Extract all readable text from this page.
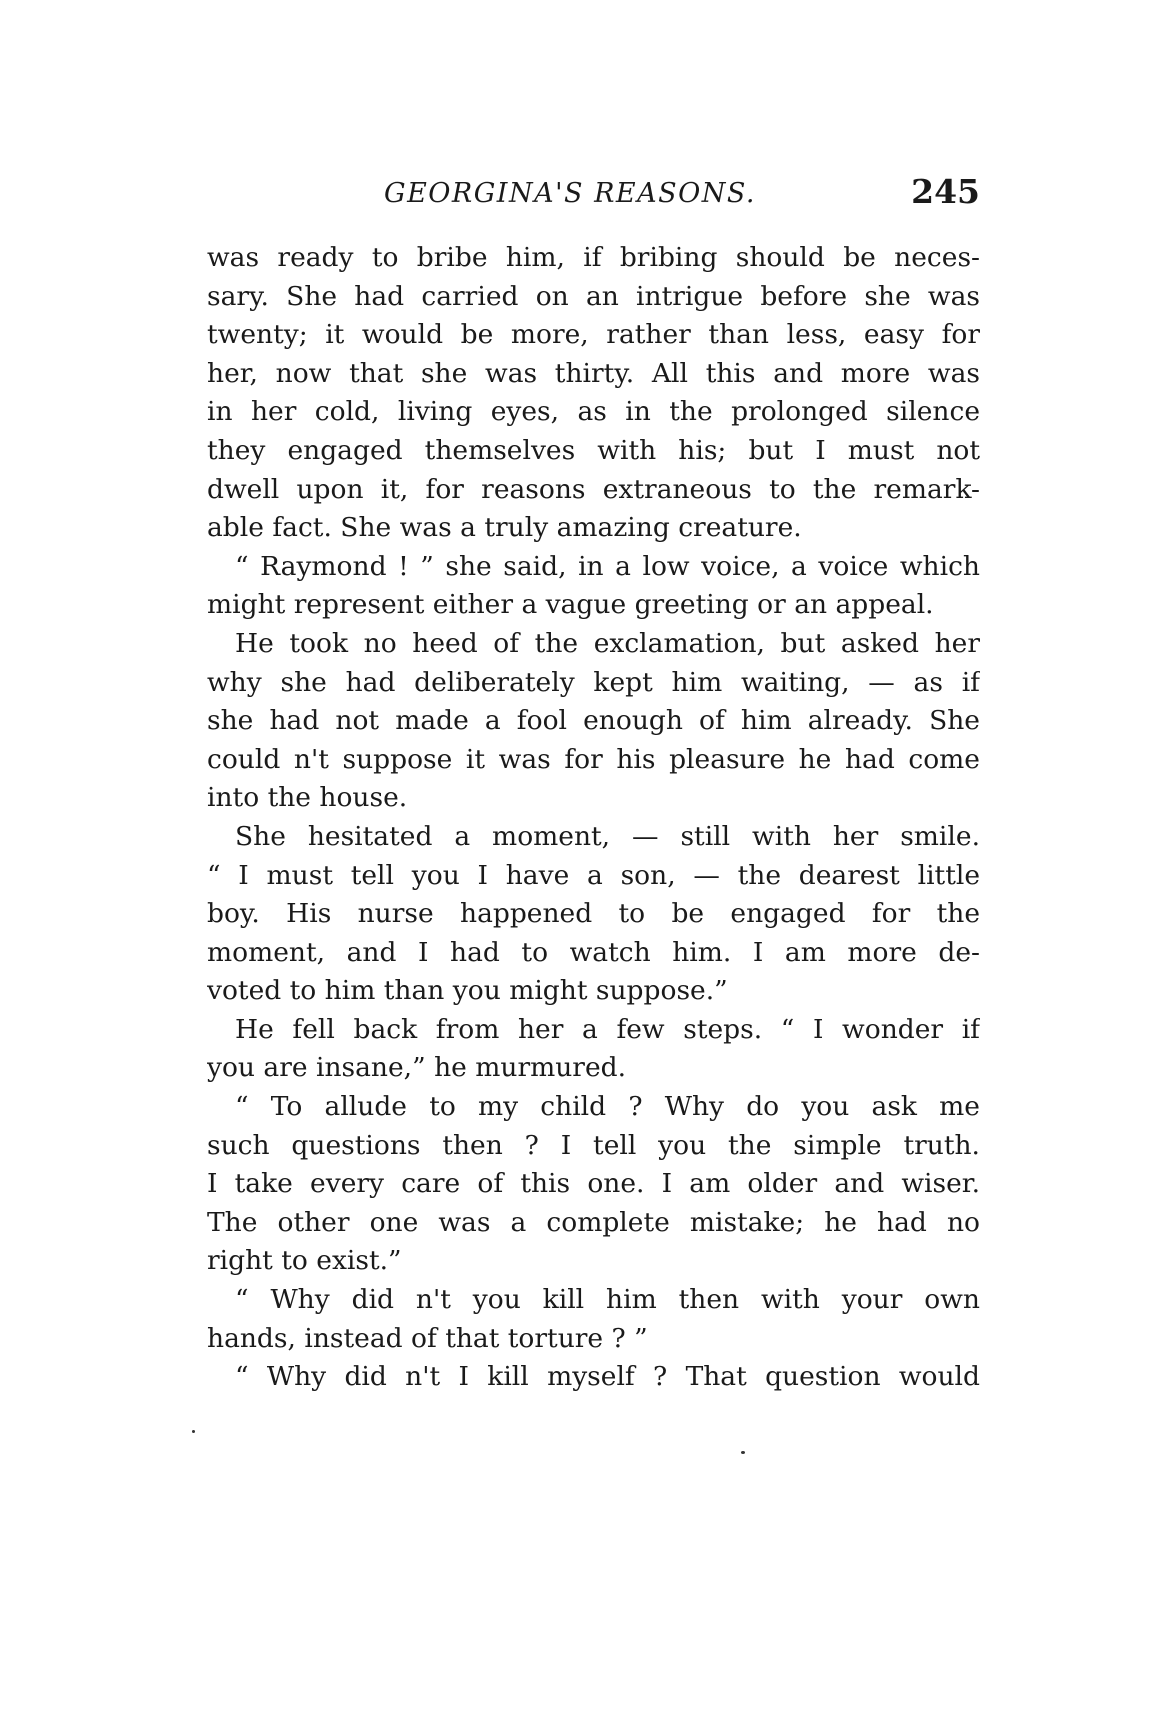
GEORGINA'S REASONS.	245
was ready to bribe him, if bribing should be neces-
sary. She had carried on an intrigue before she was
twenty; it would be more, rather than less, easy for
her, now that she was thirty. All this and more was
in her cold, living eyes, as in the prolonged silence
they engaged themselves with his; but I must not
dwell upon it, for reasons extraneous to the remark-
able fact. She was a truly amazing creature.
“ Raymond ! ” she said, in a low voice, a voice which
might represent either a vague greeting or an appeal.
He took no heed of the exclamation, but asked her
why she had deliberately kept him waiting, — as if
she had not made a fool enough of him already. She
could n't suppose it was for his pleasure he had come
into the house.
She hesitated a moment, — still with her smile.
“ I must tell you I have a son, — the dearest little
boy. His nurse happened to be engaged for the
moment, and I had to watch him. I am more de-
voted to him than you might suppose.”
He fell back from her a few steps. “ I wonder if
you are insane,” he murmured.
“ To allude to my child ? Why do you ask me
such questions then ? I tell you the simple truth.
I take every care of this one. I am older and wiser.
The other one was a complete mistake; he had no
right to exist.”
“ Why did n't you kill him then with your own
hands, instead of that torture ? ”
“ Why did n't I kill myself ? That question would
